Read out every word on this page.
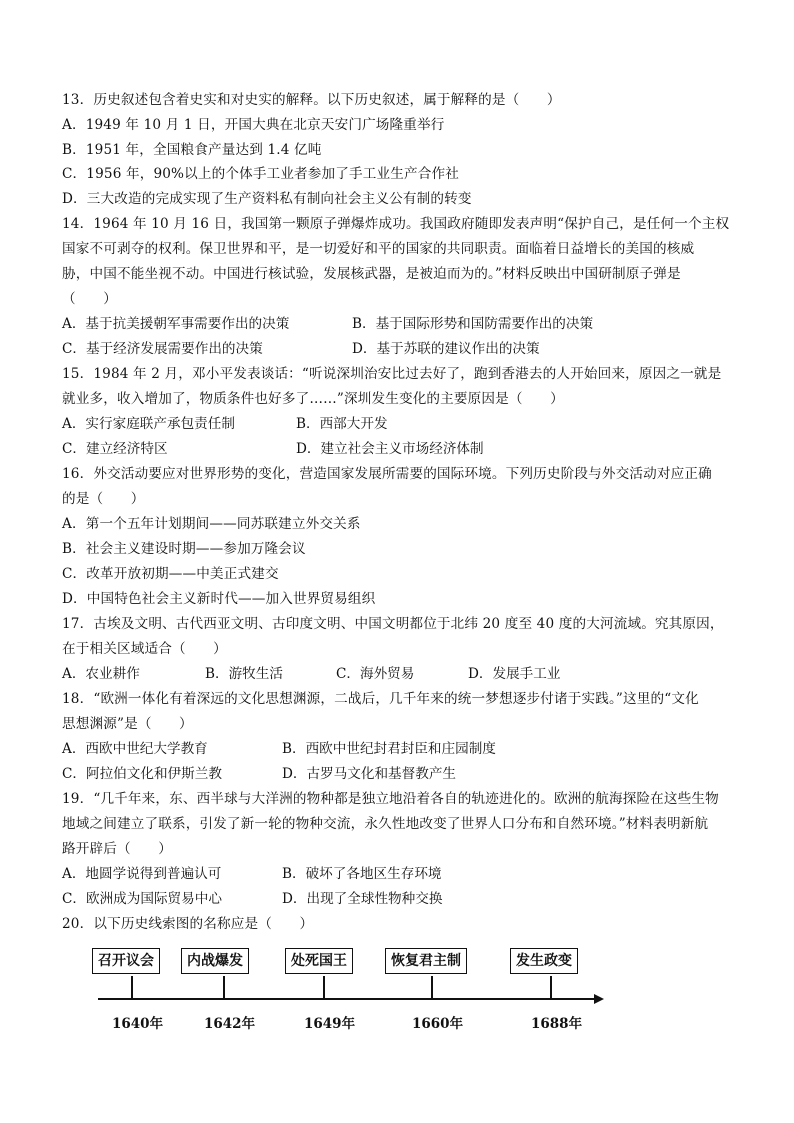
13．历史叙述包含着史实和对史实的解释。以下历史叙述，属于解释的是（　　）
A．1949 年 10 月 1 日，开国大典在北京天安门广场隆重举行
B．1951 年，全国粮食产量达到 1.4 亿吨
C．1956 年，90%以上的个体手工业者参加了手工业生产合作社
D．三大改造的完成实现了生产资料私有制向社会主义公有制的转变
14．1964 年 10 月 16 日，我国第一颗原子弹爆炸成功。我国政府随即发表声明“保护自己，是任何一个主权
国家不可剥夺的权利。保卫世界和平，是一切爱好和平的国家的共同职责。面临着日益增长的美国的核威
胁，中国不能坐视不动。中国进行核试验，发展核武器，是被迫而为的。”材料反映出中国研制原子弹是
（　　）
A．基于抗美援朝军事需要作出的决策	B．基于国际形势和国防需要作出的决策
C．基于经济发展需要作出的决策	D．基于苏联的建议作出的决策
15．1984 年 2 月，邓小平发表谈话：“听说深圳治安比过去好了，跑到香港去的人开始回来，原因之一就是
就业多，收入增加了，物质条件也好多了……”深圳发生变化的主要原因是（　　）
A．实行家庭联产承包责任制	B．西部大开发
C．建立经济特区	D．建立社会主义市场经济体制
16．外交活动要应对世界形势的变化，营造国家发展所需要的国际环境。下列历史阶段与外交活动对应正确
的是（　　）
A．第一个五年计划期间——同苏联建立外交关系
B．社会主义建设时期——参加万隆会议
C．改革开放初期——中美正式建交
D．中国特色社会主义新时代——加入世界贸易组织
17．古埃及文明、古代西亚文明、古印度文明、中国文明都位于北纬 20 度至 40 度的大河流域。究其原因，
在于相关区域适合（　　）
A．农业耕作	B．游牧生活	C．海外贸易	D．发展手工业
18．“欧洲一体化有着深远的文化思想渊源，二战后，几千年来的统一梦想逐步付诸于实践。”这里的“文化
思想渊源”是（　　）
A．西欧中世纪大学教育	B．西欧中世纪封君封臣和庄园制度
C．阿拉伯文化和伊斯兰教	D．古罗马文化和基督教产生
19．“几千年来，东、西半球与大洋洲的物种都是独立地沿着各自的轨迹进化的。欧洲的航海探险在这些生物
地域之间建立了联系，引发了新一轮的物种交流，永久性地改变了世界人口分布和自然环境。”材料表明新航
路开辟后（　　）
A．地圆学说得到普遍认可	B．破坏了各地区生存环境
C．欧洲成为国际贸易中心	D．出现了全球性物种交换
20．以下历史线索图的名称应是（　　）
召开议会	内战爆发	处死国王	恢复君主制	发生政变
1640年	1642年	1649年	1660年	1688年
